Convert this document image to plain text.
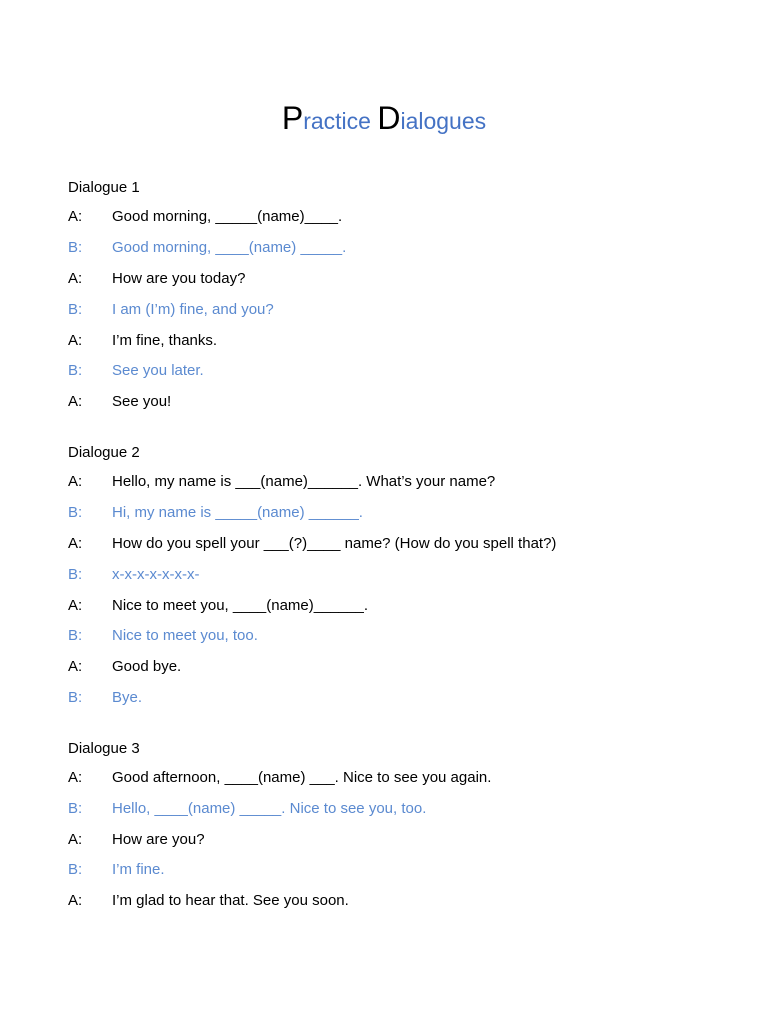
Practice Dialogues
Dialogue 1
A: Good morning, _____(name)____.
B: Good morning, ____(name) _____.
A: How are you today?
B: I am (I’m) fine, and you?
A: I’m fine, thanks.
B: See you later.
A: See you!
Dialogue 2
A: Hello, my name is ___(name)______. What’s your name?
B: Hi, my name is _____(name) ______.
A: How do you spell your ___(?)____ name? (How do you spell that?)
B: x-x-x-x-x-x-x-
A: Nice to meet you, ____(name)______.
B: Nice to meet you, too.
A: Good bye.
B: Bye.
Dialogue 3
A: Good afternoon, ____(name) ___. Nice to see you again.
B: Hello, ____(name) _____. Nice to see you, too.
A: How are you?
B: I’m fine.
A: I’m glad to hear that. See you soon.
